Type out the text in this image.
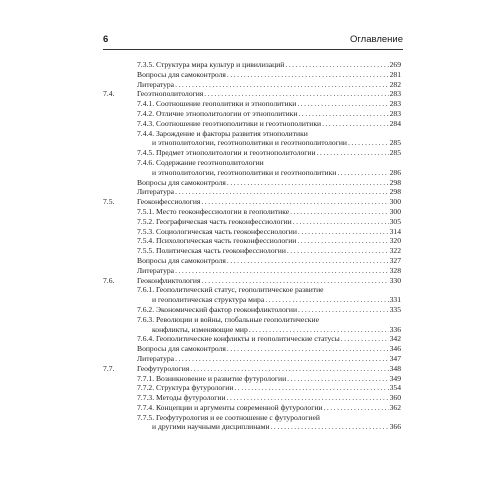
6	Оглавление
7.3.5. Структура мира культур и цивилизаций .....	269
Вопросы для самоконтроля .....	281
Литература .....	282
7.4.	Геоэтнополитология .....	283
7.4.1. Соотношение геополитики и этнополитики .....	283
7.4.2. Отличие этнополитологии от этнополитики .....	283
7.4.3. Соотношение геоэтнополитики и геоэтнополитики .....	284
7.4.4. Зарождение и факторы развития этнополитики
и этнополитологии, геоэтнополитики и геоэтнополитологии .....	285
7.4.5. Предмет этнополитологии и геоэтнополитологии .....	285
7.4.6. Содержание геоэтнополитологии
и этнополитологии, геоэтнополитики и геоэтнополитики .....	286
Вопросы для самоконтроля .....	298
Литература .....	298
7.5.	Геоконфессиология .....	300
7.5.1. Место геоконфессиологии в геополитике .....	300
7.5.2. Географическая часть геоконфессиологии .....	305
7.5.3. Социологическая часть геоконфессиологии .....	314
7.5.4. Психологическая часть геоконфессиологии .....	320
7.5.5. Политическая часть геоконфессиологии .....	322
Вопросы для самоконтроля .....	327
Литература .....	328
7.6.	Геоконфликтология .....	330
7.6.1. Геополитический статус, геополитическое развитие
и геополитическая структура мира .....	331
7.6.2. Экономический фактор геоконфликтологии .....	335
7.6.3. Революции и войны, глобальные геополитические
конфликты, изменяющие мир .....	336
7.6.4. Геополитические конфликты и геополитические статусы .....	342
Вопросы для самоконтроля .....	346
Литература .....	347
7.7.	Геофутурология .....	348
7.7.1. Возникновение и развитие футурологии .....	349
7.7.2. Структура футурологии .....	354
7.7.3. Методы футурологии .....	360
7.7.4. Концепции и аргументы современной футурологии .....	362
7.7.5. Геофутурология и ее соотношение с футурологией
и другими научными дисциплинами .....	366
